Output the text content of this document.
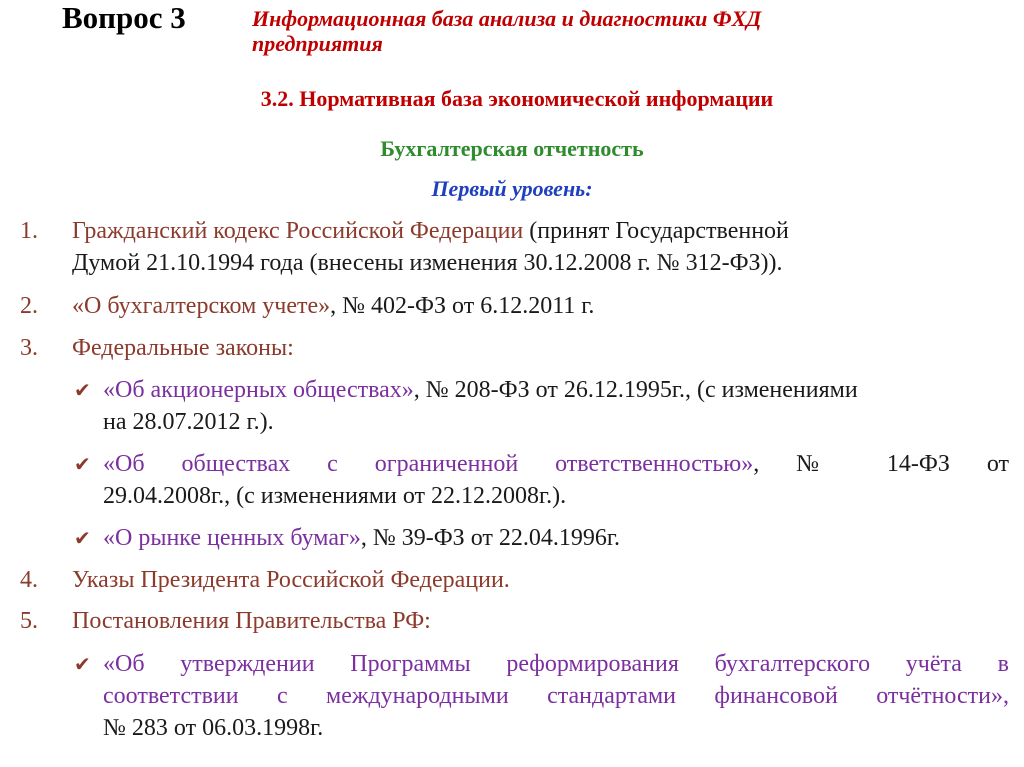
Вопрос 3	Информационная база анализа и диагностики ФХД
предприятия
3.2. Нормативная база экономической информации
Бухгалтерская отчетность
Первый уровень:
1. Гражданский кодекс Российской Федерации (принят Государственной
Думой 21.10.1994 года (внесены изменения 30.12.2008 г. № 312-ФЗ)).
2. «О бухгалтерском учете», № 402-ФЗ от 6.12.2011 г.
3. Федеральные законы:
✔ «Об акционерных обществах», № 208-ФЗ от 26.12.1995г., (с изменениями
на 28.07.2012 г.).
✔ «Об обществах с ограниченной ответственностью», № 14-ФЗ от
29.04.2008г., (с изменениями от 22.12.2008г.).
✔ «О рынке ценных бумаг», № 39-ФЗ от 22.04.1996г.
4. Указы Президента Российской Федерации.
5. Постановления Правительства РФ:
✔ «Об утверждении Программы реформирования бухгалтерского учёта в
соответствии с международными стандартами финансовой отчётности»,
№ 283 от 06.03.1998г.
